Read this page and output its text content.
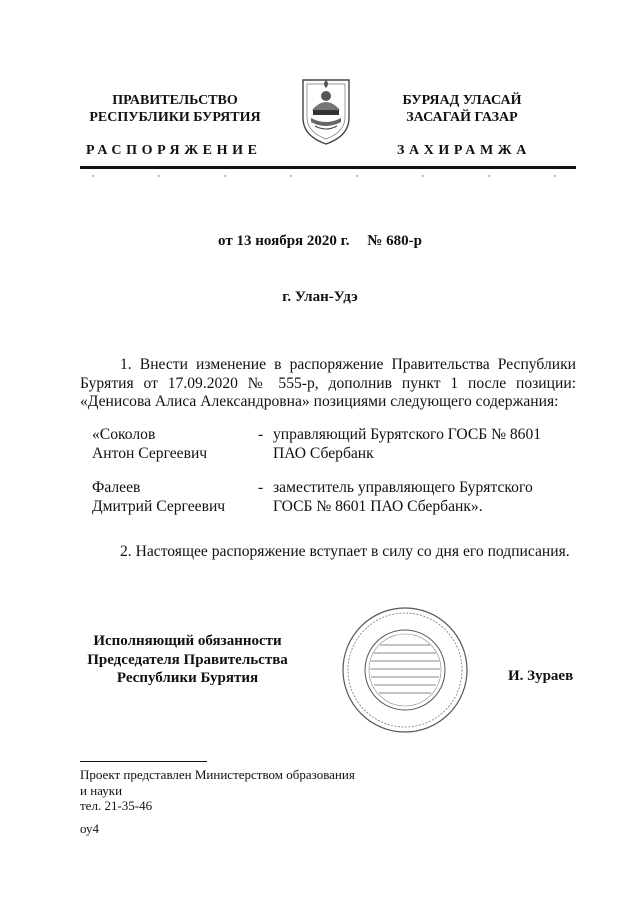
ПРАВИТЕЛЬСТВО
РЕСПУБЛИКИ БУРЯТИЯ
БУРЯАД УЛАСАЙ
ЗАСАГАЙ ГАЗАР
РАСПОРЯЖЕНИЕ	ЗАХИРАМЖА
от 13 ноября 2020 г. № 680-р
г. Улан-Удэ
1. Внести изменение в распоряжение Правительства Республики Бурятия от 17.09.2020 № 555-р, дополнив пункт 1 после позиции: «Денисова Алиса Александровна» позициями следующего содержания:
«Соколов
Антон Сергеевич
- управляющий Бурятского ГОСБ № 8601 ПАО Сбербанк
Фалеев
Дмитрий Сергеевич
- заместитель управляющего Бурятского ГОСБ № 8601 ПАО Сбербанк».
2. Настоящее распоряжение вступает в силу со дня его подписания.
Исполняющий обязанности
Председателя Правительства
Республики Бурятия	И. Зураев
Проект представлен Министерством образования
и науки
тел. 21-35-46
оу4
